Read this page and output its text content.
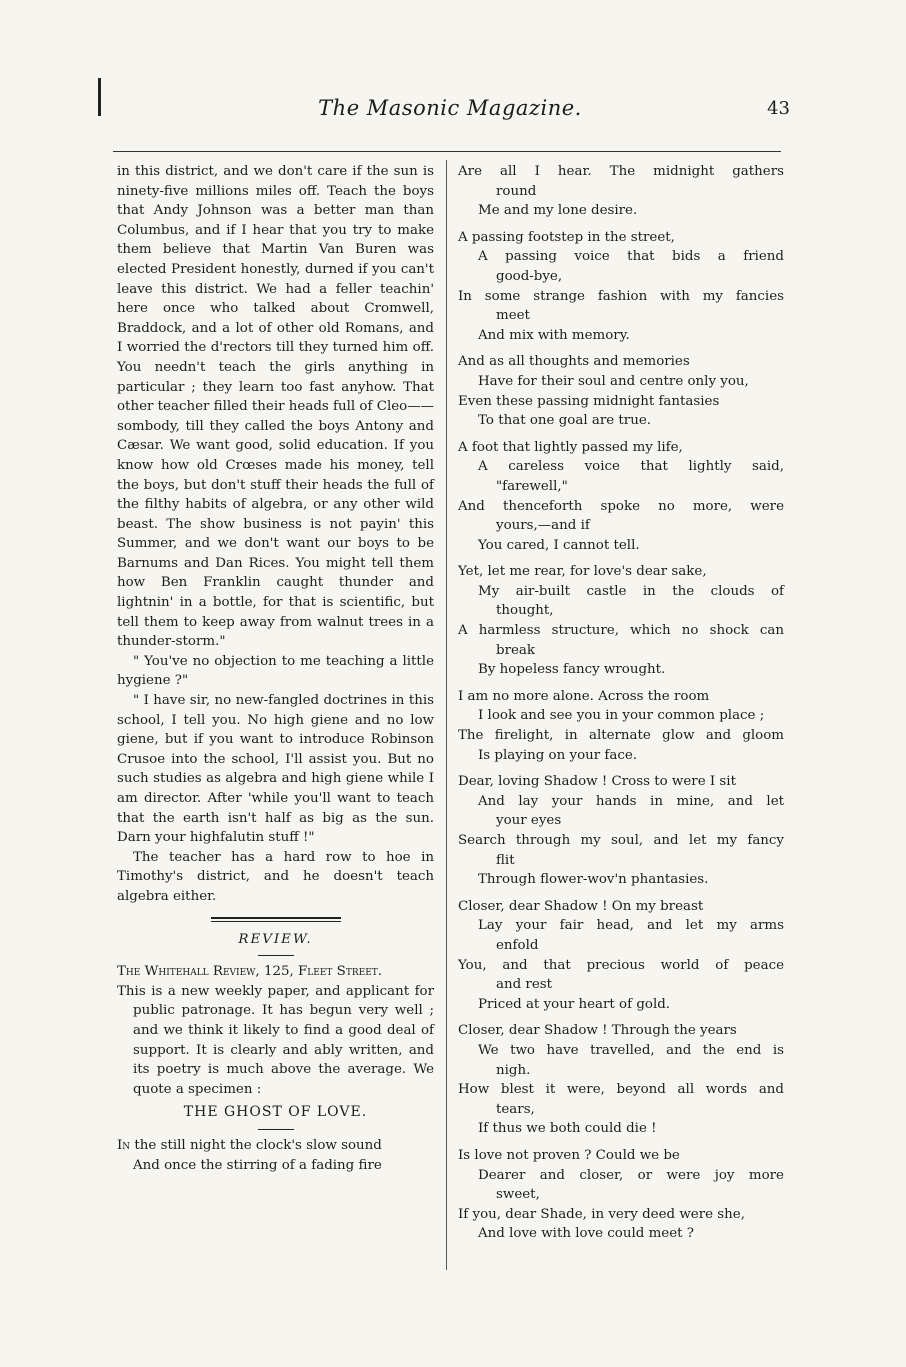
The Masonic Magazine.	43

in this district, and we don't care if the sun is ninety-five millions miles off. Teach the boys that Andy Johnson was a better man than Columbus, and if I hear that you try to make them believe that Martin Van Buren was elected President honestly, durned if you can't leave this district. We had a feller teachin' here once who talked about Cromwell, Braddock, and a lot of other old Romans, and I worried the d'rectors till they turned him off. You needn't teach the girls anything in particular ; they learn too fast anyhow. That other teacher filled their heads full of Cleo——sombody, till they called the boys Antony and Cæsar. We want good, solid education. If you know how old Crœses made his money, tell the boys, but don't stuff their heads the full of the filthy habits of algebra, or any other wild beast. The show business is not payin' this Summer, and we don't want our boys to be Barnums and Dan Rices. You might tell them how Ben Franklin caught thunder and lightnin' in a bottle, for that is scientific, but tell them to keep away from walnut trees in a thunder-storm."

" You've no objection to me teaching a little hygiene ?"

" I have sir, no new-fangled doctrines in this school, I tell you. No high giene and no low giene, but if you want to introduce Robinson Crusoe into the school, I'll assist you. But no such studies as algebra and high giene while I am director. After 'while you'll want to teach that the earth isn't half as big as the sun. Darn your highfalutin stuff !"

The teacher has a hard row to hoe in Timothy's district, and he doesn't teach algebra either.

REVIEW.

The Whitehall Review, 125, Fleet Street.

This is a new weekly paper, and applicant for public patronage. It has begun very well ; and we think it likely to find a good deal of support. It is clearly and ably written, and its poetry is much above the average. We quote a specimen :

THE GHOST OF LOVE.

In the still night the clock's slow sound

And once the stirring of a fading fire

Are all I hear. The midnight gathers

round

Me and my lone desire.

A passing footstep in the street,

A passing voice that bids a friend

good-bye,

In some strange fashion with my fancies

meet

And mix with memory.

And as all thoughts and memories

Have for their soul and centre only you,

Even these passing midnight fantasies

To that one goal are true.

A foot that lightly passed my life,

A careless voice that lightly said,

"farewell,"

And thenceforth spoke no more, were

yours,—and if

You cared, I cannot tell.

Yet, let me rear, for love's dear sake,

My air-built castle in the clouds of

thought,

A harmless structure, which no shock can

break

By hopeless fancy wrought.

I am no more alone. Across the room

I look and see you in your common place ;

The firelight, in alternate glow and gloom

Is playing on your face.

Dear, loving Shadow ! Cross to were I sit

And lay your hands in mine, and let

your eyes

Search through my soul, and let my fancy

flit

Through flower-wov'n phantasies.

Closer, dear Shadow ! On my breast

Lay your fair head, and let my arms

enfold

You, and that precious world of peace

and rest

Priced at your heart of gold.

Closer, dear Shadow ! Through the years

We two have travelled, and the end is

nigh.

How blest it were, beyond all words and

tears,

If thus we both could die !

Is love not proven ? Could we be

Dearer and closer, or were joy more

sweet,

If you, dear Shade, in very deed were she,

And love with love could meet ?
